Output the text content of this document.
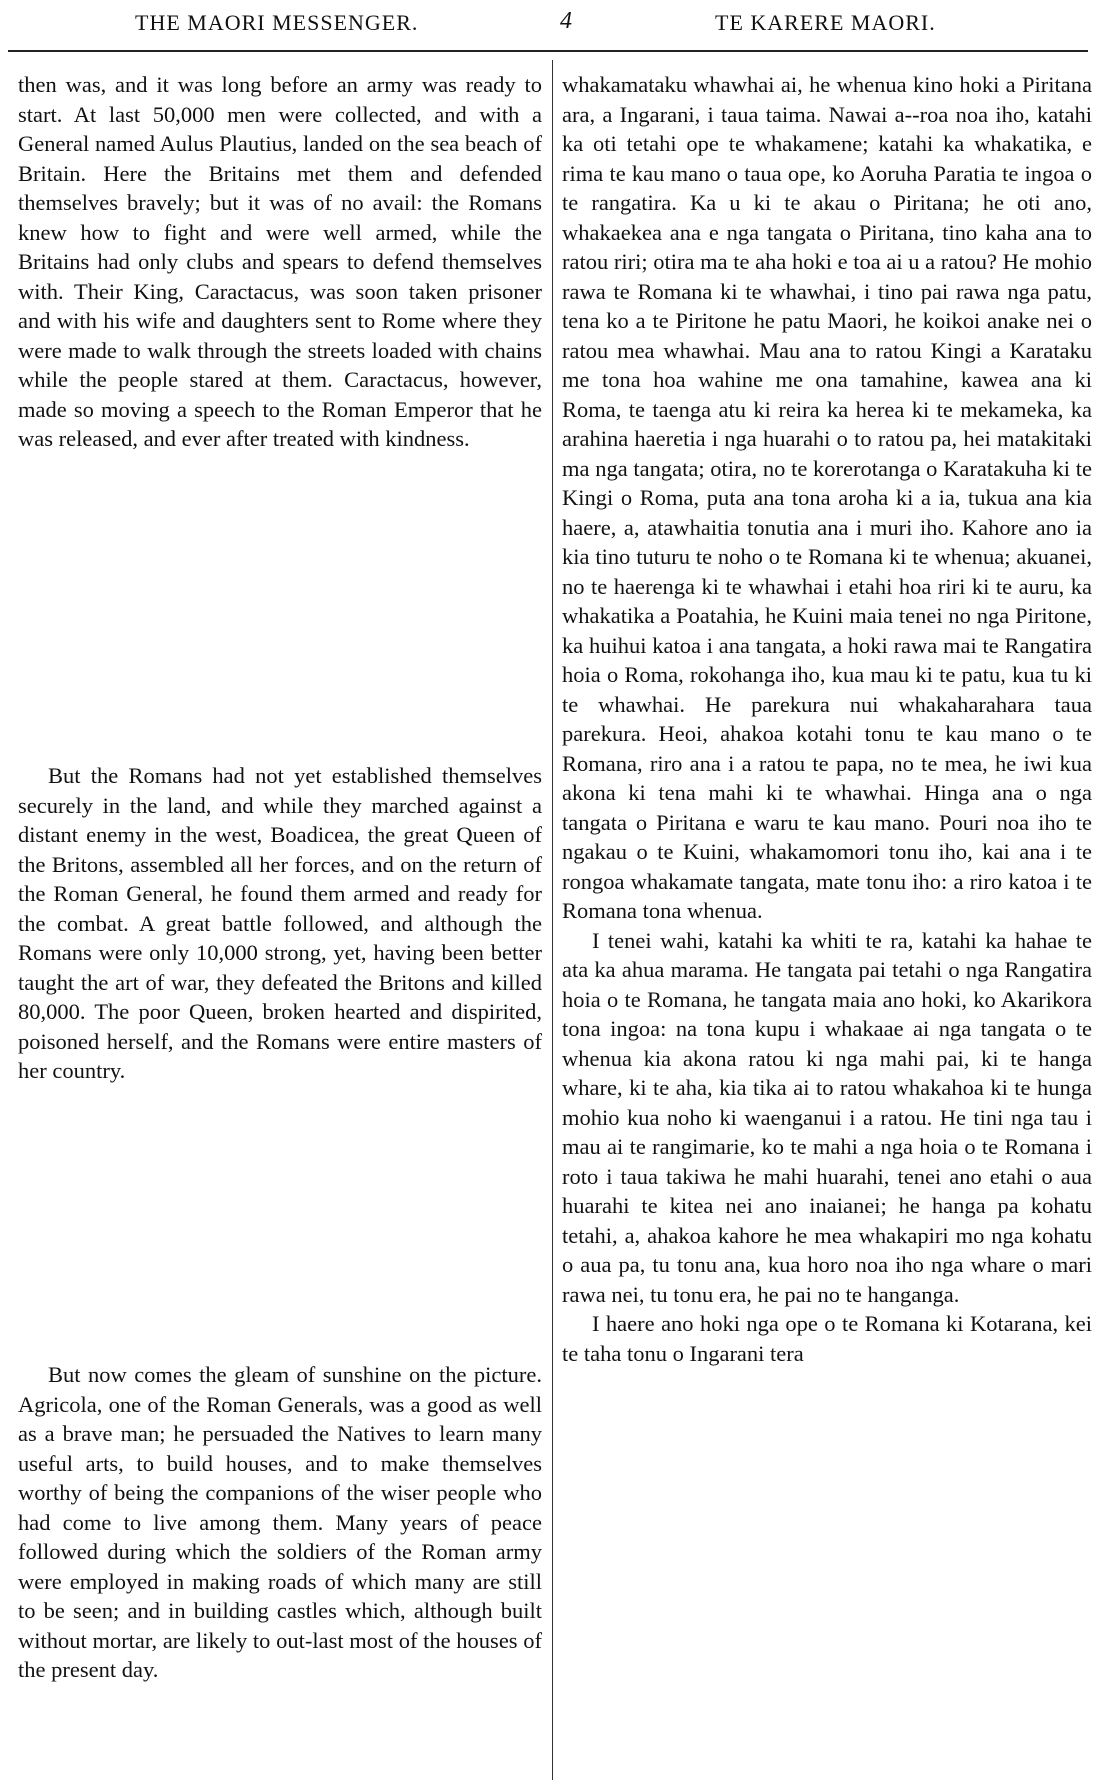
THE MAORI MESSENGER.	4	TE KARERE MAORI.

then was, and it was long before an army was ready to start. At last 50,000 men were collected, and with a General named Aulus Plautius, landed on the sea beach of Britain. Here the Britains met them and defended themselves bravely; but it was of no avail: the Romans knew how to fight and were well armed, while the Britains had only clubs and spears to defend themselves with. Their King, Caractacus, was soon taken prisoner and with his wife and daughters sent to Rome where they were made to walk through the streets loaded with chains while the people stared at them. Caractacus, however, made so moving a speech to the Roman Emperor that he was released, and ever after treated with kindness.

But the Romans had not yet established themselves securely in the land, and while they marched against a distant enemy in the west, Boadicea, the great Queen of the Britons, assembled all her forces, and on the return of the Roman General, he found them armed and ready for the combat. A great battle followed, and although the Romans were only 10,000 strong, yet, having been better taught the art of war, they defeated the Britons and killed 80,000. The poor Queen, broken hearted and dispirited, poisoned herself, and the Romans were entire masters of her country.

But now comes the gleam of sunshine on the picture. Agricola, one of the Roman Generals, was a good as well as a brave man; he persuaded the Natives to learn many useful arts, to build houses, and to make themselves worthy of being the companions of the wiser people who had come to live among them. Many years of peace followed during which the soldiers of the Roman army were employed in making roads of which many are still to be seen; and in building castles which, although built without mortar, are likely to out-last most of the houses of the present day.

whakamataku whawhai ai, he whenua kino hoki a Piritana ara, a Ingarani, i taua taima. Nawai a--roa noa iho, katahi ka oti tetahi ope te whakamene; katahi ka whakatika, e rima te kau mano o taua ope, ko Aoruha Paratia te ingoa o te rangatira. Ka u ki te akau o Piritana; he oti ano, whakaekea ana e nga tangata o Piritana, tino kaha ana to ratou riri; otira ma te aha hoki e toa ai u a ratou? He mohio rawa te Romana ki te whawhai, i tino pai rawa nga patu, tena ko a te Piritone he patu Maori, he koikoi anake nei o ratou mea whawhai. Mau ana to ratou Kingi a Karataku me tona hoa wahine me ona tamahine, kawea ana ki Roma, te taenga atu ki reira ka herea ki te mekameka, ka arahina haeretia i nga huarahi o to ratou pa, hei matakitaki ma nga tangata; otira, no te korerotanga o Karatakuha ki te Kingi o Roma, puta ana tona aroha ki a ia, tukua ana kia haere, a, atawhaitia tonutia ana i muri iho. Kahore ano ia kia tino tuturu te noho o te Romana ki te whenua; akuanei, no te haerenga ki te whawhai i etahi hoa riri ki te auru, ka whakatika a Poatahia, he Kuini maia tenei no nga Piritone, ka huihui katoa i ana tangata, a hoki rawa mai te Rangatira hoia o Roma, rokohanga iho, kua mau ki te patu, kua tu ki te whawhai. He parekura nui whakaharahara taua parekura. Heoi, ahakoa kotahi tonu te kau mano o te Romana, riro ana i a ratou te papa, no te mea, he iwi kua akona ki tena mahi ki te whawhai. Hinga ana o nga tangata o Piritana e waru te kau mano. Pouri noa iho te ngakau o te Kuini, whakamomori tonu iho, kai ana i te rongoa whakamate tangata, mate tonu iho: a riro katoa i te Romana tona whenua.

I tenei wahi, katahi ka whiti te ra, katahi ka hahae te ata ka ahua marama. He tangata pai tetahi o nga Rangatira hoia o te Romana, he tangata maia ano hoki, ko Akarikora tona ingoa: na tona kupu i whakaae ai nga tangata o te whenua kia akona ratou ki nga mahi pai, ki te hanga whare, ki te aha, kia tika ai to ratou whakahoa ki te hunga mohio kua noho ki waenganui i a ratou. He tini nga tau i mau ai te rangimarie, ko te mahi a nga hoia o te Romana i roto i taua takiwa he mahi huarahi, tenei ano etahi o aua huarahi te kitea nei ano inaianei; he hanga pa kohatu tetahi, a, ahakoa kahore he mea whakapiri mo nga kohatu o aua pa, tu tonu ana, kua horo noa iho nga whare o mari rawa nei, tu tonu era, he pai no te hanganga.

I haere ano hoki nga ope o te Romana ki Kotarana, kei te taha tonu o Ingarani tera
